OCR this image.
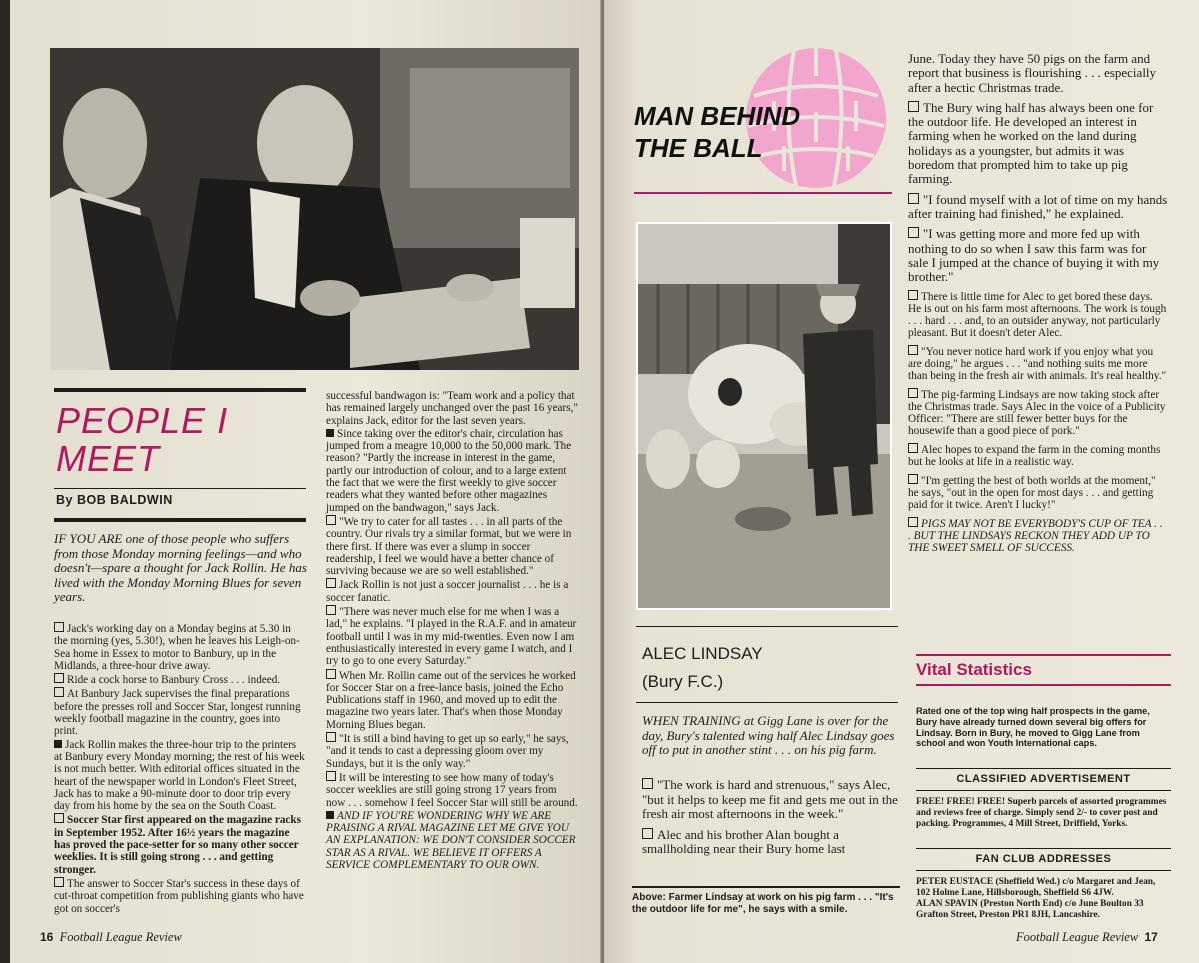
PEOPLE I MEET
By BOB BALDWIN
IF YOU ARE one of those people who suffers from those Monday morning feelings—and who doesn't—spare a thought for Jack Rollin. He has lived with the Monday Morning Blues for seven years.

Jack's working day on a Monday begins at 5.30 in the morning (yes, 5.30!), when he leaves his Leigh-on-Sea home in Essex to motor to Banbury, up in the Midlands, a three-hour drive away.

Ride a cock horse to Banbury Cross . . . indeed.

At Banbury Jack supervises the final preparations before the presses roll and Soccer Star, longest running weekly football magazine in the country, goes into print.

Jack Rollin makes the three-hour trip to the printers at Banbury every Monday morning; the rest of his week is not much better. With editorial offices situated in the heart of the newspaper world in London's Fleet Street, Jack has to make a 90-minute door to door trip every day from his home by the sea on the South Coast.

Soccer Star first appeared on the magazine racks in September 1952. After 16½ years the magazine has proved the pace-setter for so many other soccer weeklies. It is still going strong . . . and getting stronger.

The answer to Soccer Star's success in these days of cut-throat competition from publishing giants who have got on soccer's

successful bandwagon is: "Team work and a policy that has remained largely unchanged over the past 16 years," explains Jack, editor for the last seven years.

Since taking over the editor's chair, circulation has jumped from a meagre 10,000 to the 50,000 mark. The reason? "Partly the increase in interest in the game, partly our introduction of colour, and to a large extent the fact that we were the first weekly to give soccer readers what they wanted before other magazines jumped on the bandwagon," says Jack.

"We try to cater for all tastes . . . in all parts of the country. Our rivals try a similar format, but we were in there first. If there was ever a slump in soccer readership, I feel we would have a better chance of surviving because we are so well established."

Jack Rollin is not just a soccer journalist . . . he is a soccer fanatic.

"There was never much else for me when I was a lad," he explains. "I played in the R.A.F. and in amateur football until I was in my mid-twenties. Even now I am enthusiastically interested in every game I watch, and I try to go to one every Saturday."

When Mr. Rollin came out of the services he worked for Soccer Star on a free-lance basis, joined the Echo Publications staff in 1960, and moved up to edit the magazine two years later. That's when those Monday Morning Blues began.

"It is still a bind having to get up so early," he says, "and it tends to cast a depressing gloom over my Sundays, but it is the only way."

It will be interesting to see how many of today's soccer weeklies are still going strong 17 years from now . . . somehow I feel Soccer Star will still be around.

AND IF YOU'RE WONDERING WHY WE ARE PRAISING A RIVAL MAGAZINE LET ME GIVE YOU AN EXPLANATION: WE DON'T CONSIDER SOCCER STAR AS A RIVAL. WE BELIEVE IT OFFERS A SERVICE COMPLEMENTARY TO OUR OWN.

16 Football League Review
MAN BEHIND
THE BALL
ALEC LINDSAY
(Bury F.C.)
WHEN TRAINING at Gigg Lane is over for the day, Bury's talented wing half Alec Lindsay goes off to put in another stint . . . on his pig farm.

"The work is hard and strenuous," says Alec, "but it helps to keep me fit and gets me out in the fresh air most afternoons in the week."

Alec and his brother Alan bought a smallholding near their Bury home last

Above: Farmer Lindsay at work on his pig farm . . . "It's the outdoor life for me", he says with a smile.

June. Today they have 50 pigs on the farm and report that business is flourishing . . . especially after a hectic Christmas trade.

The Bury wing half has always been one for the outdoor life. He developed an interest in farming when he worked on the land during holidays as a youngster, but admits it was boredom that prompted him to take up pig farming.

"I found myself with a lot of time on my hands after training had finished," he explained.

"I was getting more and more fed up with nothing to do so when I saw this farm was for sale I jumped at the chance of buying it with my brother."

There is little time for Alec to get bored these days. He is out on his farm most afternoons. The work is tough . . . hard . . . and, to an outsider anyway, not particularly pleasant. But it doesn't deter Alec.

"You never notice hard work if you enjoy what you are doing," he argues . . . "and nothing suits me more than being in the fresh air with animals. It's real healthy."

The pig-farming Lindsays are now taking stock after the Christmas trade. Says Alec in the voice of a Publicity Officer: "There are still fewer better buys for the housewife than a good piece of pork."

Alec hopes to expand the farm in the coming months but he looks at life in a realistic way.

"I'm getting the best of both worlds at the moment," he says, "out in the open for most days . . . and getting paid for it twice. Aren't I lucky!"

PIGS MAY NOT BE EVERYBODY'S CUP OF TEA . . . BUT THE LINDSAYS RECKON THEY ADD UP TO THE SWEET SMELL OF SUCCESS.

Vital Statistics
Rated one of the top wing half prospects in the game, Bury have already turned down several big offers for Lindsay. Born in Bury, he moved to Gigg Lane from school and won Youth International caps.
CLASSIFIED ADVERTISEMENT
FREE! FREE! FREE! Superb parcels of assorted programmes and reviews free of charge. Simply send 2/- to cover post and packing. Programmes, 4 Mill Street, Driffield, Yorks.
FAN CLUB ADDRESSES
PETER EUSTACE (Sheffield Wed.) c/o Margaret and Jean, 102 Holme Lane, Hillsborough, Sheffield S6 4JW.
ALAN SPAVIN (Preston North End) c/o June Boulton 33 Grafton Street, Preston PR1 8JH, Lancashire.
Football League Review 17
